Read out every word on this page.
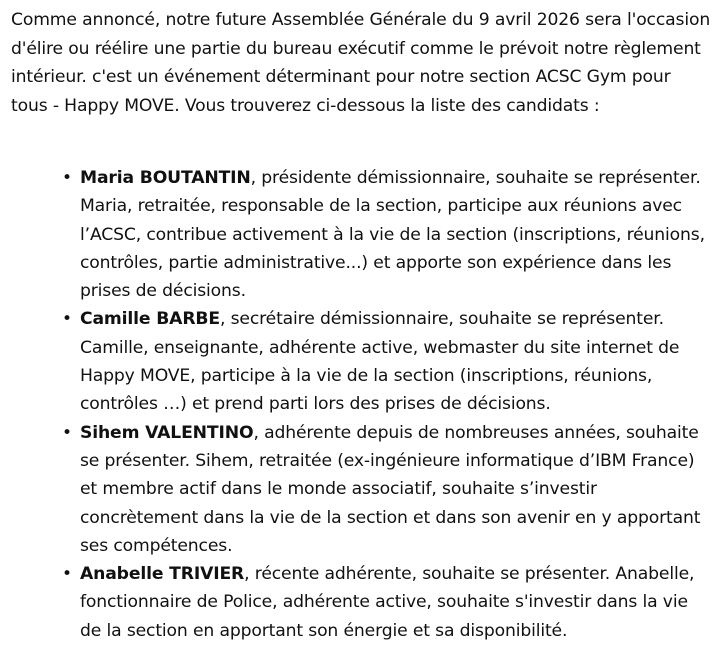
Comme annoncé, notre future Assemblée Générale du 9 avril 2026 sera l'occasion d'élire ou réélire une partie du bureau exécutif comme le prévoit notre règlement intérieur. c'est un événement déterminant pour notre section ACSC Gym pour tous - Happy MOVE. Vous trouverez ci-dessous la liste des candidats :

• Maria BOUTANTIN, présidente démissionnaire, souhaite se représenter. Maria, retraitée, responsable de la section, participe aux réunions avec l’ACSC, contribue activement à la vie de la section (inscriptions, réunions, contrôles, partie administrative...) et apporte son expérience dans les prises de décisions.
• Camille BARBE, secrétaire démissionnaire, souhaite se représenter. Camille, enseignante, adhérente active, webmaster du site internet de Happy MOVE, participe à la vie de la section (inscriptions, réunions, contrôles …) et prend parti lors des prises de décisions.
• Sihem VALENTINO, adhérente depuis de nombreuses années, souhaite se présenter. Sihem, retraitée (ex-ingénieure informatique d’IBM France) et membre actif dans le monde associatif, souhaite s’investir concrètement dans la vie de la section et dans son avenir en y apportant ses compétences.
• Anabelle TRIVIER, récente adhérente, souhaite se présenter. Anabelle, fonctionnaire de Police, adhérente active, souhaite s'investir dans la vie de la section en apportant son énergie et sa disponibilité.
